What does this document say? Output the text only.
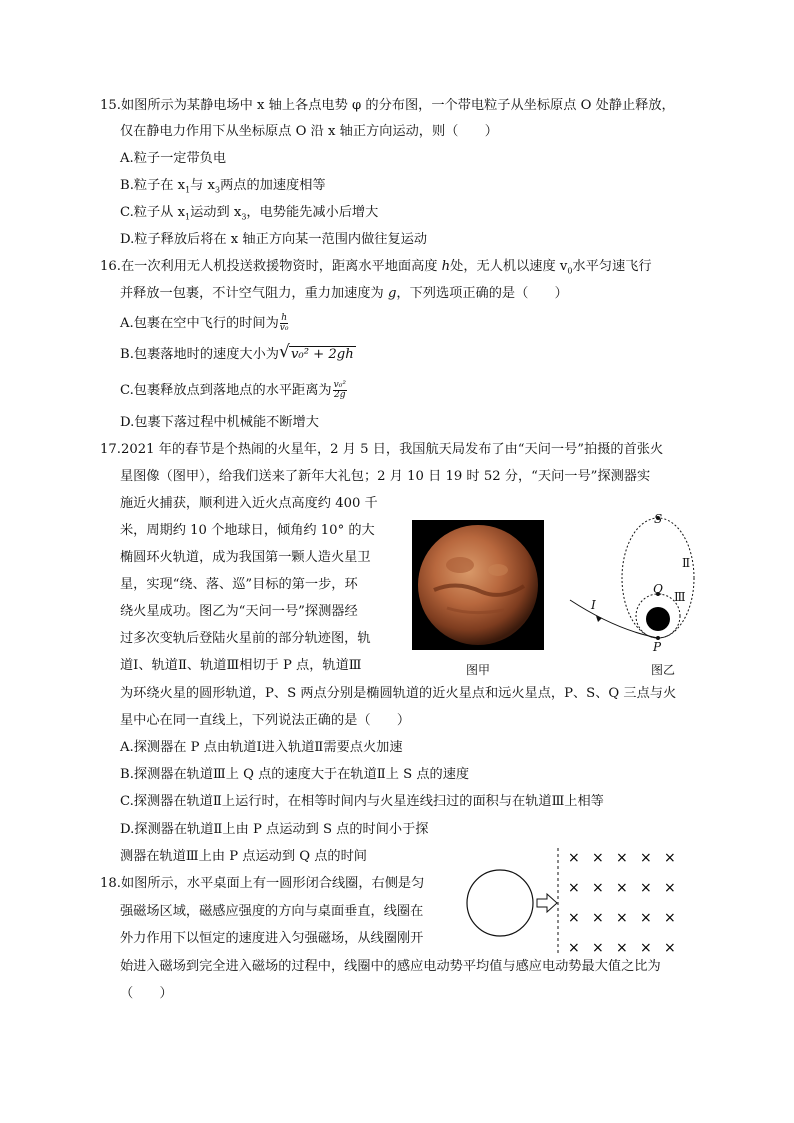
15.如图所示为某静电场中 x 轴上各点电势 φ 的分布图，一个带电粒子从坐标原点 O 处静止释放，
仅在静电力作用下从坐标原点 O 沿 x 轴正方向运动，则（　　）
A.粒子一定带负电
B.粒子在 $x_1$与 $x_3$两点的加速度相等
C.粒子从 $x_1$运动到 $x_3$，电势能先减小后增大
D.粒子释放后将在 x 轴正方向某一范围内做往复运动
16.在一次利用无人机投送救援物资时，距离水平地面高度 h处，无人机以速度 $v_0$水平匀速飞行
并释放一包裹，不计空气阻力，重力加速度为 g，下列选项正确的是（　　）
A.包裹在空中飞行的时间为 $\frac{h}{\text{v₀}}$
B.包裹落地时的速度大小为 √ v₀² + 2gh
C.包裹释放点到落地点的水平距离为 $\frac{\text{v₀²}}{2g}$
D.包裹下落过程中机械能不断增大
17.2021 年的春节是个热闹的火星年，2 月 5 日，我国航天局发布了由“天问一号”拍摄的首张火
星图像（图甲），给我们送来了新年大礼包；2 月 10 日 19 时 52 分，“天问一号”探测器实
施近火捕获，顺利进入近火点高度约 400 千
米，周期约 10 个地球日，倾角约 10° 的大
椭圆环火轨道，成为我国第一颗人造火星卫
星，实现“绕、落、巡”目标的第一步，环
绕火星成功。图乙为“天问一号”探测器经
过多次变轨后登陆火星前的部分轨迹图，轨
道Ⅰ、轨道Ⅱ、轨道Ⅲ相切于 P 点，轨道Ⅲ
为环绕火星的圆形轨道，P、S 两点分别是椭圆轨道的近火星点和远火星点，P、S、Q 三点与火
星中心在同一直线上，下列说法正确的是（　　）
图甲
S
Q
P
I
Ⅱ
Ⅲ
图乙
A.探测器在 P 点由轨道Ⅰ进入轨道Ⅱ需要点火加速
B.探测器在轨道Ⅲ上 Q 点的速度大于在轨道Ⅱ上 S 点的速度
C.探测器在轨道Ⅱ上运行时，在相等时间内与火星连线扫过的面积与在轨道Ⅲ上相等
D.探测器在轨道Ⅱ上由 P 点运动到 S 点的时间小于探
测器在轨道Ⅲ上由 P 点运动到 Q 点的时间
18.如图所示，水平桌面上有一圆形闭合线圈，右侧是匀
强磁场区域，磁感应强度的方向与桌面垂直，线圈在
外力作用下以恒定的速度进入匀强磁场，从线圈刚开
始进入磁场到完全进入磁场的过程中，线圈中的感应电动势平均值与感应电动势最大值之比为
（　　）
× × × × ×
× × × × ×
× × × × ×
× × × × ×
